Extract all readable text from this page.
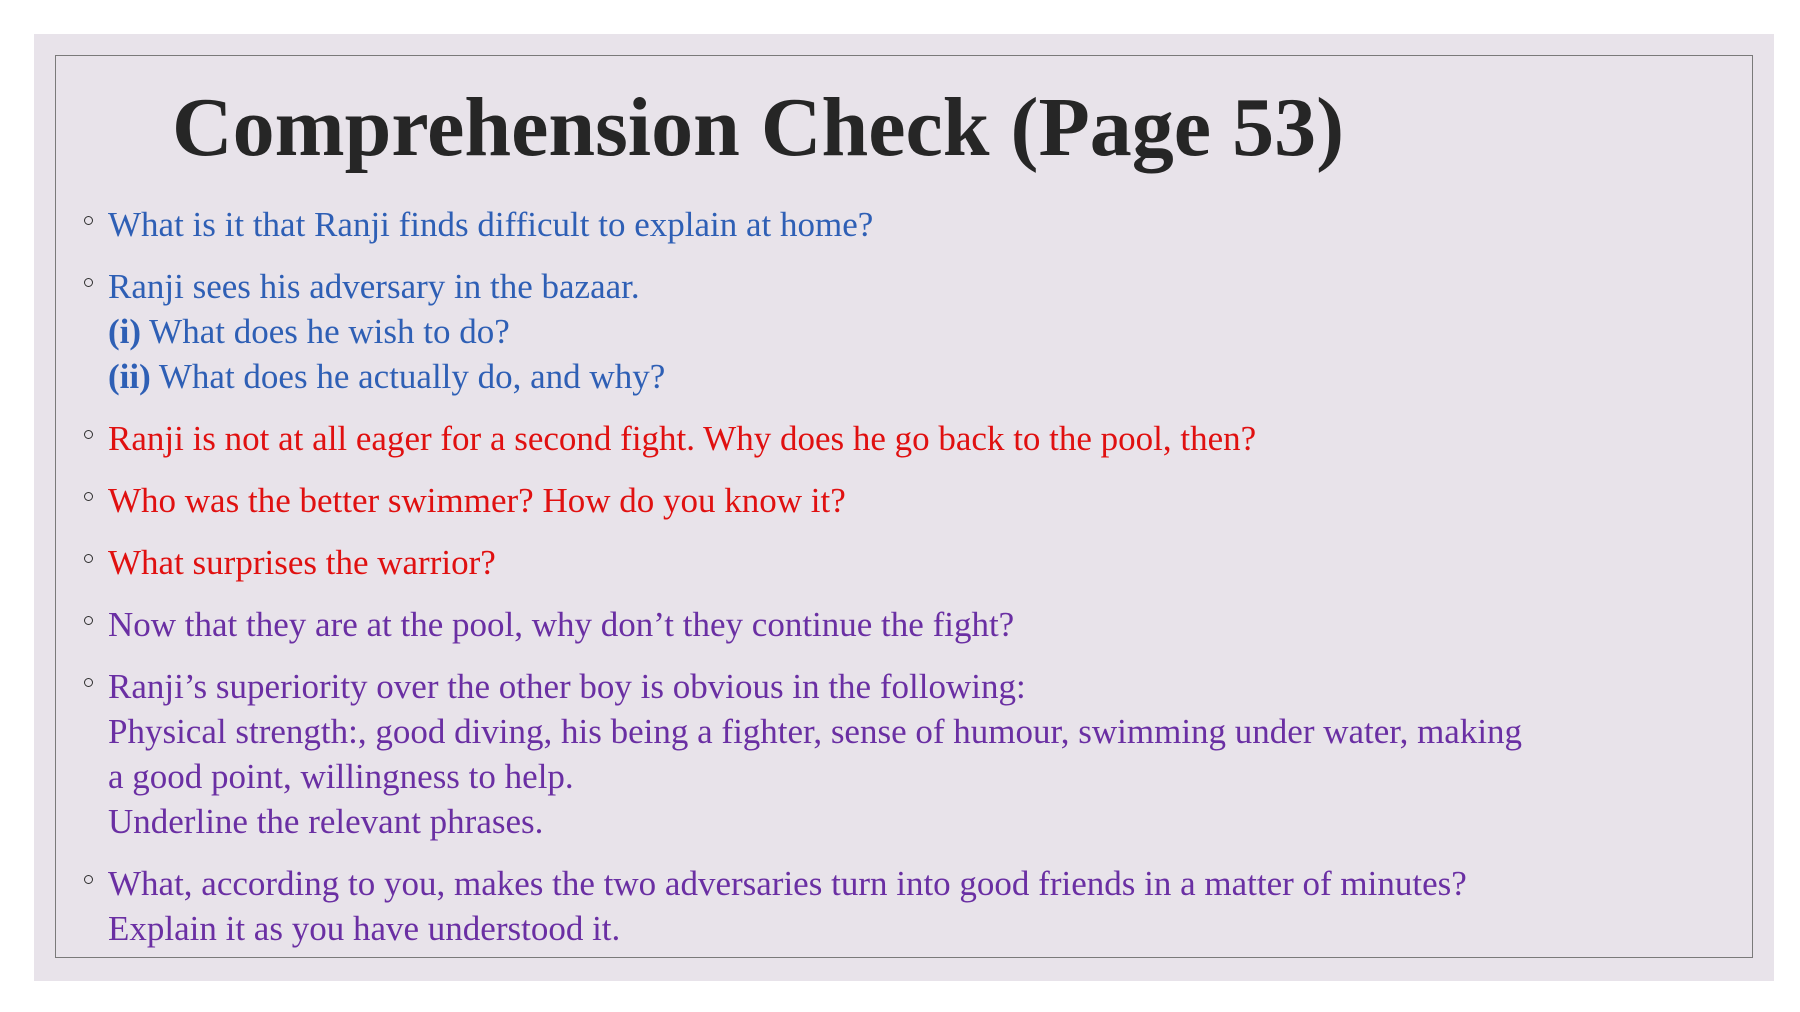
Comprehension Check (Page 53)
What is it that Ranji finds difficult to explain at home?
Ranji sees his adversary in the bazaar.
(i) What does he wish to do?
(ii) What does he actually do, and why?
Ranji is not at all eager for a second fight. Why does he go back to the pool, then?
Who was the better swimmer? How do you know it?
What surprises the warrior?
Now that they are at the pool, why don’t they continue the fight?
Ranji’s superiority over the other boy is obvious in the following:
Physical strength:, good diving, his being a fighter, sense of humour, swimming under water, making
a good point, willingness to help.
Underline the relevant phrases.
What, according to you, makes the two adversaries turn into good friends in a matter of minutes?
Explain it as you have understood it.
